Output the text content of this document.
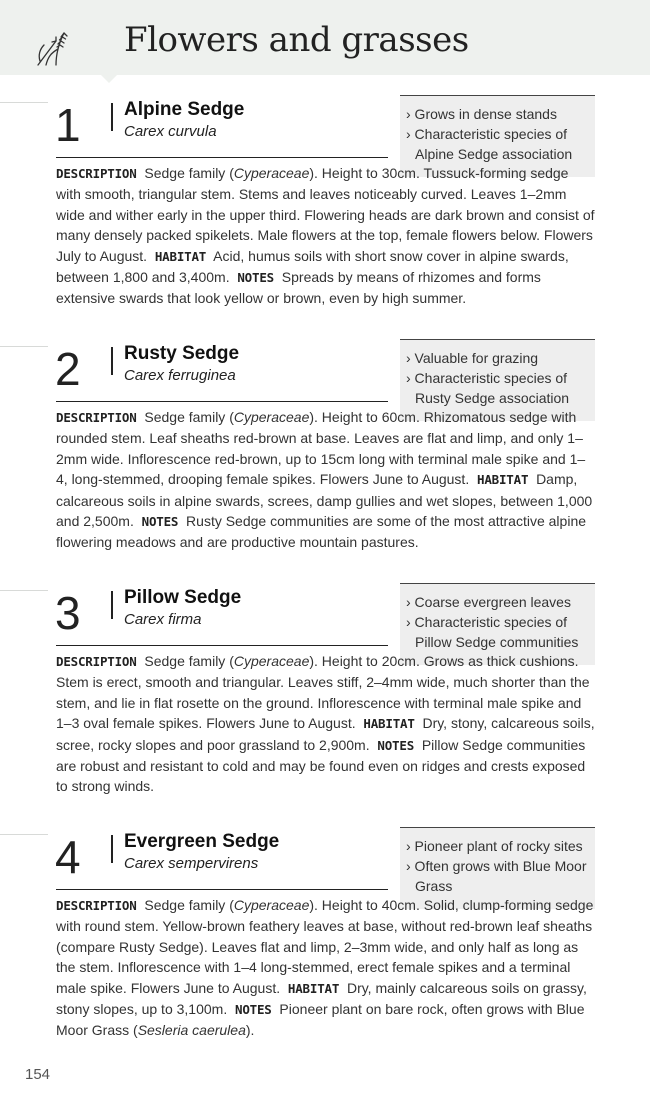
Flowers and grasses
1 Alpine Sedge
Carex curvula

› Grows in dense stands

› Characteristic species of

Alpine Sedge association

DESCRIPTION Sedge family (Cyperaceae). Height to 30cm. Tussuck-forming sedge with smooth, triangular stem. Stems and leaves noticeably curved. Leaves 1–2mm wide and wither early in the upper third. Flowering heads are dark brown and consist of many densely packed spikelets. Male flowers at the top, female flowers below. Flowers July to August. HABITAT Acid, humus soils with short snow cover in alpine swards, between 1,800 and 3,400m. NOTES Spreads by means of rhizomes and forms extensive swards that look yellow or brown, even by high summer.

2 Rusty Sedge
Carex ferruginea

› Valuable for grazing

› Characteristic species of

Rusty Sedge association

DESCRIPTION Sedge family (Cyperaceae). Height to 60cm. Rhizomatous sedge with rounded stem. Leaf sheaths red-brown at base. Leaves are flat and limp, and only 1–2mm wide. Inflorescence red-brown, up to 15cm long with terminal male spike and 1–4, long-stemmed, drooping female spikes. Flowers June to August. HABITAT Damp, calcareous soils in alpine swards, screes, damp gullies and wet slopes, between 1,000 and 2,500m. NOTES Rusty Sedge communities are some of the most attractive alpine flowering meadows and are productive mountain pastures.

3 Pillow Sedge
Carex firma

› Coarse evergreen leaves

› Characteristic species of

Pillow Sedge communities

DESCRIPTION Sedge family (Cyperaceae). Height to 20cm. Grows as thick cushions. Stem is erect, smooth and triangular. Leaves stiff, 2–4mm wide, much shorter than the stem, and lie in flat rosette on the ground. Inflorescence with terminal male spike and 1–3 oval female spikes. Flowers June to August. HABITAT Dry, stony, calcareous soils, scree, rocky slopes and poor grassland to 2,900m. NOTES Pillow Sedge communities are robust and resistant to cold and may be found even on ridges and crests exposed to strong winds.

4 Evergreen Sedge
Carex sempervirens

› Pioneer plant of rocky sites

› Often grows with Blue Moor

Grass

DESCRIPTION Sedge family (Cyperaceae). Height to 40cm. Solid, clump-forming sedge with round stem. Yellow-brown feathery leaves at base, without red-brown leaf sheaths (compare Rusty Sedge). Leaves flat and limp, 2–3mm wide, and only half as long as the stem. Inflorescence with 1–4 long-stemmed, erect female spikes and a terminal male spike. Flowers June to August. HABITAT Dry, mainly calcareous soils on grassy, stony slopes, up to 3,100m. NOTES Pioneer plant on bare rock, often grows with Blue Moor Grass (Sesleria caerulea).

154
